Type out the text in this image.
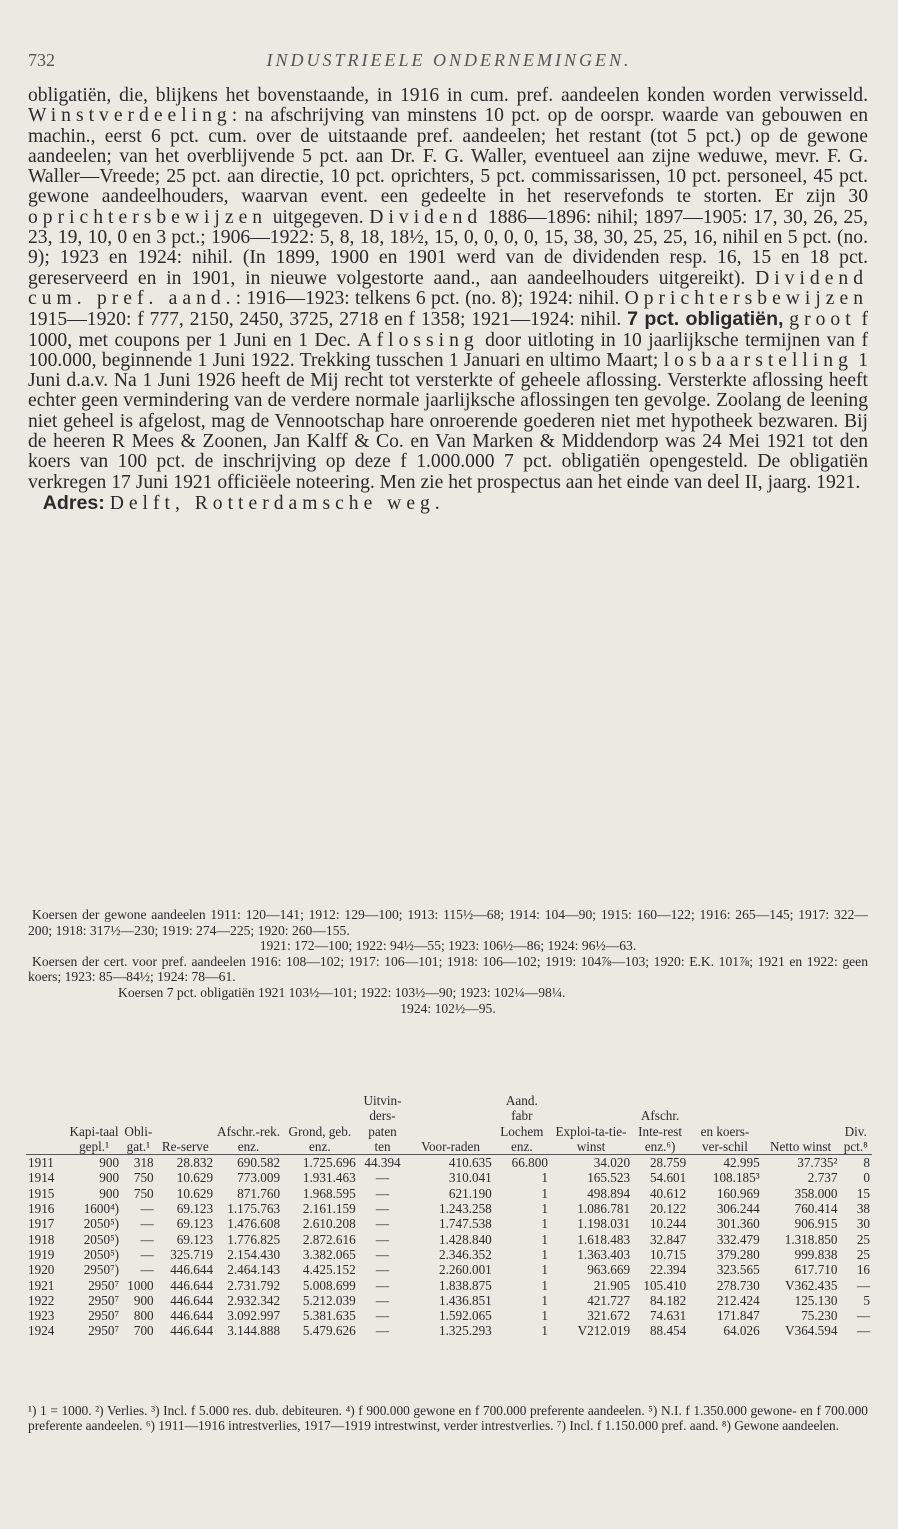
732	INDUSTRIEELE ONDERNEMINGEN.
obligatiën, die, blijkens het bovenstaande, in 1916 in cum. pref. aandeelen konden worden verwisseld. Winstverdeeling: na afschrijving van minstens 10 pct. op de oorspr. waarde van gebouwen en machin., eerst 6 pct. cum. over de uitstaande pref. aandeelen; het restant (tot 5 pct.) op de gewone aandeelen; van het overblijvende 5 pct. aan Dr. F. G. Waller, eventueel aan zijne weduwe, mevr. F. G. Waller—Vreede; 25 pct. aan directie, 10 pct. oprichters, 5 pct. commissarissen, 10 pct. personeel, 45 pct. gewone aandeelhouders, waarvan event. een gedeelte in het reservefonds te storten. Er zijn 30 oprichtersbewijzen uitgegeven. Dividend 1886—1896: nihil; 1897—1905: 17, 30, 26, 25, 23, 19, 10, 0 en 3 pct.; 1906—1922: 5, 8, 18, 18½, 15, 0, 0, 0, 0, 15, 38, 30, 25, 25, 16, nihil en 5 pct. (no. 9); 1923 en 1924: nihil. (In 1899, 1900 en 1901 werd van de dividenden resp. 16, 15 en 18 pct. gereserveerd en in 1901, in nieuwe volgestorte aand., aan aandeelhouders uitgereikt). Dividend cum. pref. aand.: 1916—1923: telkens 6 pct. (no. 8); 1924: nihil. Oprichtersbewijzen 1915—1920: f 777, 2150, 2450, 3725, 2718 en f 1358; 1921—1924: nihil. 7 pct. obligatiën, groot f 1000, met coupons per 1 Juni en 1 Dec. Aflossing door uitloting in 10 jaarlijksche termijnen van f 100.000, beginnende 1 Juni 1922. Trekking tusschen 1 Januari en ultimo Maart; losbaarstelling 1 Juni d.a.v. Na 1 Juni 1926 heeft de Mij recht tot versterkte of geheele aflossing. Versterkte aflossing heeft echter geen vermindering van de verdere normale jaarlijksche aflossingen ten gevolge. Zoolang de leening niet geheel is afgelost, mag de Vennootschap hare onroerende goederen niet met hypotheek bezwaren. Bij de heeren R Mees & Zoonen, Jan Kalff & Co. en Van Marken & Middendorp was 24 Mei 1921 tot den koers van 100 pct. de inschrijving op deze f 1.000.000 7 pct. obligatiën opengesteld. De obligatiën verkregen 17 Juni 1921 officiëele noteering. Men zie het prospectus aan het einde van deel II, jaarg. 1921.
Adres: Delft, Rotterdamsche weg.

Koersen der gewone aandeelen 1911: 120—141; 1912: 129—100; 1913: 115½—68; 1914: 104—90; 1915: 160—122; 1916: 265—145; 1917: 322—200; 1918: 317½—230; 1919: 274—225; 1920: 260—155.

1921: 172—100; 1922: 94½—55; 1923: 106½—86; 1924: 96½—63.

Koersen der cert. voor pref. aandeelen 1916: 108—102; 1917: 106—101; 1918: 106—102; 1919: 104⅞—103; 1920: E.K. 101⅞; 1921 en 1922: geen koers; 1923: 85—84½; 1924: 78—61.

Koersen 7 pct. obligatiën 1921 103½—101; 1922: 103½—90; 1923: 102¼—98¼.

1924: 102½—95.

	Kapi-taal gepl.¹	Obli-gat.¹	Re-serve	Afschr.-rek. enz.	Grond, geb. enz.	Uitvin-ders-paten ten	Voor-raden	Aand. fabr Lochem enz.	Exploi-ta-tie-winst	Afschr. Inte-rest enz.⁶)	en koers-ver-schil	Netto winst	Div. pct.⁸
1911	900	318	28.832	690.582	1.725.696	44.394	410.635	66.800	34.020	28.759	42.995	37.735²	8
1914	900	750	10.629	773.009	1.931.463	—	310.041	1	165.523	54.601	108.185³	2.737	0
1915	900	750	10.629	871.760	1.968.595	—	621.190	1	498.894	40.612	160.969	358.000	15
1916	1600⁴)	—	69.123	1.175.763	2.161.159	—	1.243.258	1	1.086.781	20.122	306.244	760.414	38
1917	2050⁵)	—	69.123	1.476.608	2.610.208	—	1.747.538	1	1.198.031	10.244	301.360	906.915	30
1918	2050⁵)	—	69.123	1.776.825	2.872.616	—	1.428.840	1	1.618.483	32.847	332.479	1.318.850	25
1919	2050⁵)	—	325.719	2.154.430	3.382.065	—	2.346.352	1	1.363.403	10.715	379.280	999.838	25
1920	2950⁷)	—	446.644	2.464.143	4.425.152	—	2.260.001	1	963.669	22.394	323.565	617.710	16
1921	2950⁷	1000	446.644	2.731.792	5.008.699	—	1.838.875	1	21.905	105.410	278.730	V362.435	—
1922	2950⁷	900	446.644	2.932.342	5.212.039	—	1.436.851	1	421.727	84.182	212.424	125.130	5
1923	2950⁷	800	446.644	3.092.997	5.381.635	—	1.592.065	1	321.672	74.631	171.847	75.230	—
1924	2950⁷	700	446.644	3.144.888	5.479.626	—	1.325.293	1	V212.019	88.454	64.026	V364.594	—
¹) 1 = 1000. ²) Verlies. ³) Incl. f 5.000 res. dub. debiteuren. ⁴) f 900.000 gewone en f 700.000 preferente aandeelen. ⁵) N.I. f 1.350.000 gewone- en f 700.000 preferente aandeelen. ⁶) 1911—1916 intrestverlies, 1917—1919 intrestwinst, verder intrestverlies. ⁷) Incl. f 1.150.000 pref. aand. ⁸) Gewone aandeelen.
